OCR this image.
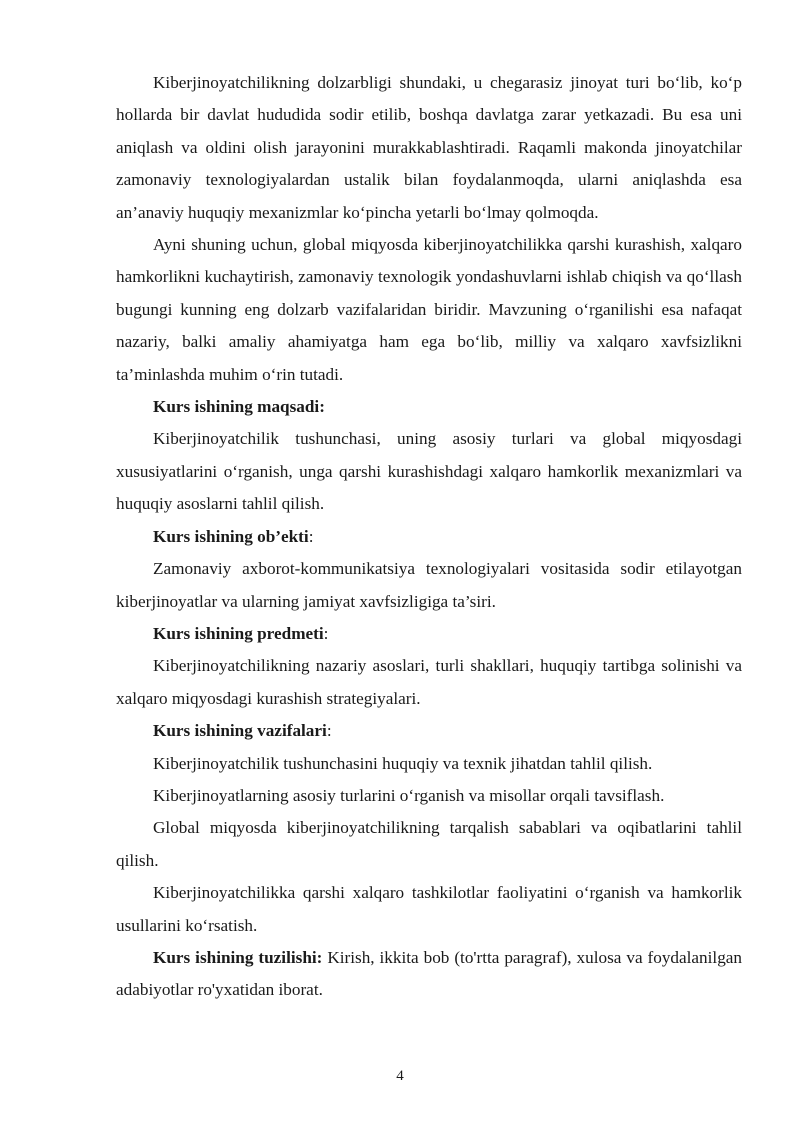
Kiberjinoyatchilikning dolzarbligi shundaki, u chegarasiz jinoyat turi bo‘lib, ko‘p hollarda bir davlat hududida sodir etilib, boshqa davlatga zarar yetkazadi. Bu esa uni aniqlash va oldini olish jarayonini murakkablashtiradi. Raqamli makonda jinoyatchilar zamonaviy texnologiyalardan ustalik bilan foydalanmoqda, ularni aniqlashda esa an’anaviy huquqiy mexanizmlar ko‘pincha yetarli bo‘lmay qolmoqda.

Ayni shuning uchun, global miqyosda kiberjinoyatchilikka qarshi kurashish, xalqaro hamkorlikni kuchaytirish, zamonaviy texnologik yondashuvlarni ishlab chiqish va qo‘llash bugungi kunning eng dolzarb vazifalaridan biridir. Mavzuning o‘rganilishi esa nafaqat nazariy, balki amaliy ahamiyatga ham ega bo‘lib, milliy va xalqaro xavfsizlikni ta’minlashda muhim o‘rin tutadi.

Kurs ishining maqsadi:

Kiberjinoyatchilik tushunchasi, uning asosiy turlari va global miqyosdagi xususiyatlarini o‘rganish, unga qarshi kurashishdagi xalqaro hamkorlik mexanizmlari va huquqiy asoslarni tahlil qilish.

Kurs ishining ob’ekti:

Zamonaviy axborot-kommunikatsiya texnologiyalari vositasida sodir etilayotgan kiberjinoyatlar va ularning jamiyat xavfsizligiga ta’siri.

Kurs ishining predmeti:

Kiberjinoyatchilikning nazariy asoslari, turli shakllari, huquqiy tartibga solinishi va xalqaro miqyosdagi kurashish strategiyalari.

Kurs ishining vazifalari:

Kiberjinoyatchilik tushunchasini huquqiy va texnik jihatdan tahlil qilish.

Kiberjinoyatlarning asosiy turlarini o‘rganish va misollar orqali tavsiflash.

Global miqyosda kiberjinoyatchilikning tarqalish sabablari va oqibatlarini tahlil qilish.

Kiberjinoyatchilikka qarshi xalqaro tashkilotlar faoliyatini o‘rganish va hamkorlik usullarini ko‘rsatish.

Kurs ishining tuzilishi: Kirish, ikkita bob (to'rtta paragraf), xulosa va foydalanilgan adabiyotlar ro'yxatidan iborat.

4
